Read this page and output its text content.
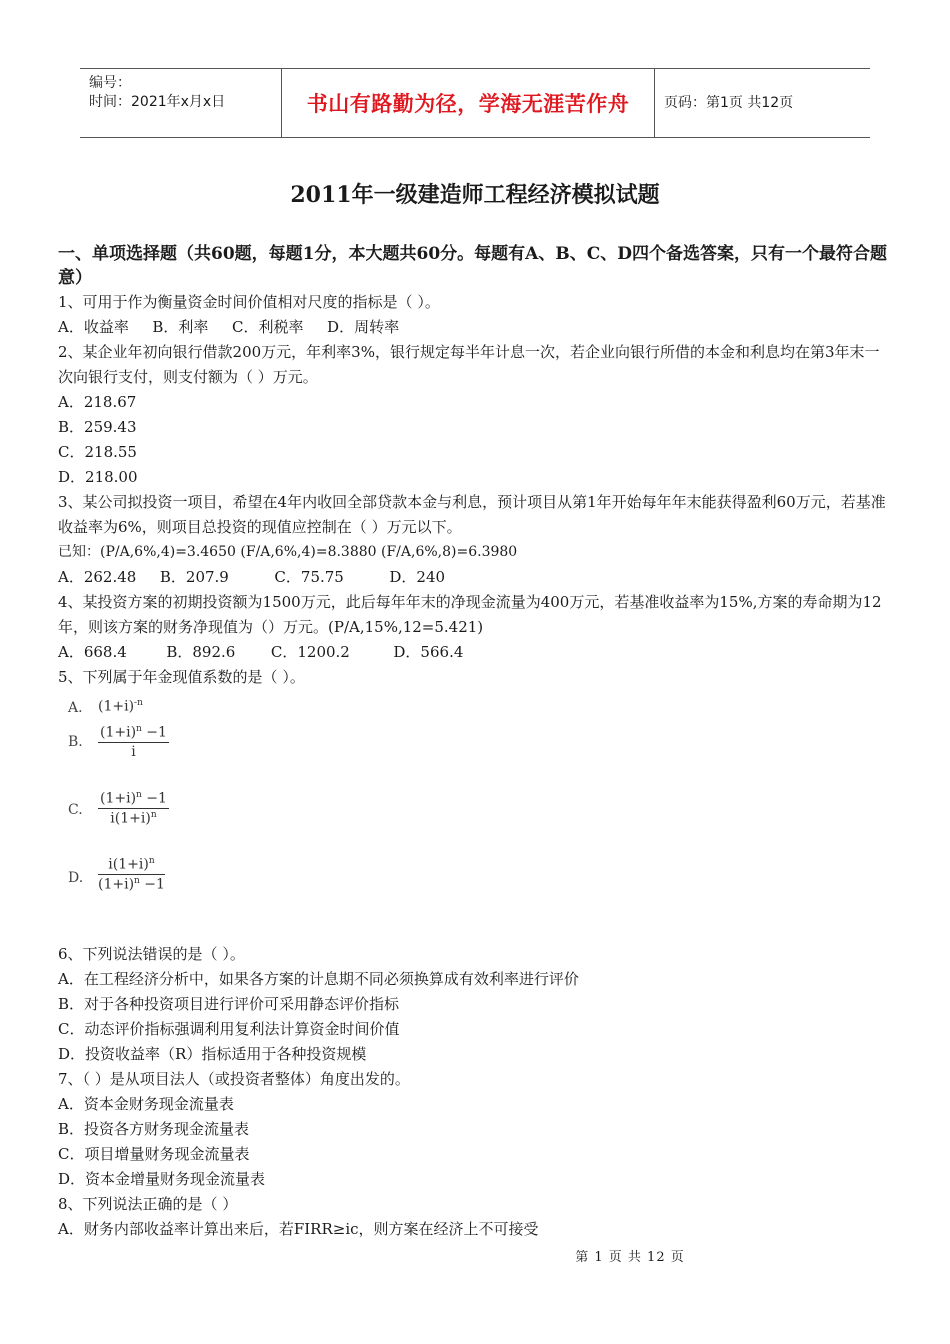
编号：
时间：2021年x月x日	书山有路勤为径，学海无涯苦作舟 页码：第1页 共12页
2011年一级建造师工程经济模拟试题

一、单项选择题（共60题，每题1分，本大题共60分。每题有A、B、C、D四个备选答案，只有一个最符合题意）

1、可用于作为衡量资金时间价值相对尺度的指标是（ ）。

A．收益率 B．利率 C．利税率 D．周转率

2、某企业年初向银行借款200万元，年利率3%，银行规定每半年计息一次，若企业向银行所借的本金和利息均在第3年末一次向银行支付，则支付额为（ ）万元。

A．218.67

B．259.43

C．218.55

D．218.00

3、某公司拟投资一项目，希望在4年内收回全部贷款本金与利息，预计项目从第1年开始每年年末能获得盈利60万元，若基准收益率为6%，则项目总投资的现值应控制在（ ）万元以下。

已知：(P/A,6%,4)=3.4650 (F/A,6%,4)=8.3880 (F/A,6%,8)=6.3980

A．262.48 B．207.9	C．75.75	D．240

4、某投资方案的初期投资额为1500万元，此后每年年末的净现金流量为400万元，若基准收益率为15%,方案的寿命期为12年，则该方案的财务净现值为（）万元。(P/A,15%,12=5.421)

A．668.4	B．892.6 C．1200.2	D．566.4

5、下列属于年金现值系数的是（ ）。

A. $(1+i)^{-n}$
B. $\frac{(1+i)^n -1}{i}$
C. $\frac{(1+i)^n -1}{i(1+i)^n}$
D. $\frac{i(1+i)^n}{(1+i)^n -1}$

6、下列说法错误的是（ ）。

A．在工程经济分析中，如果各方案的计息期不同必须换算成有效利率进行评价

B．对于各种投资项目进行评价可采用静态评价指标

C．动态评价指标强调利用复利法计算资金时间价值

D．投资收益率（R）指标适用于各种投资规模

7、（ ）是从项目法人（或投资者整体）角度出发的。

A．资本金财务现金流量表

B．投资各方财务现金流量表

C．项目增量财务现金流量表

D．资本金增量财务现金流量表

8、下列说法正确的是（ ）

A．财务内部收益率计算出来后，若FIRR≥ic，则方案在经济上不可接受

第 1 页 共 12 页
